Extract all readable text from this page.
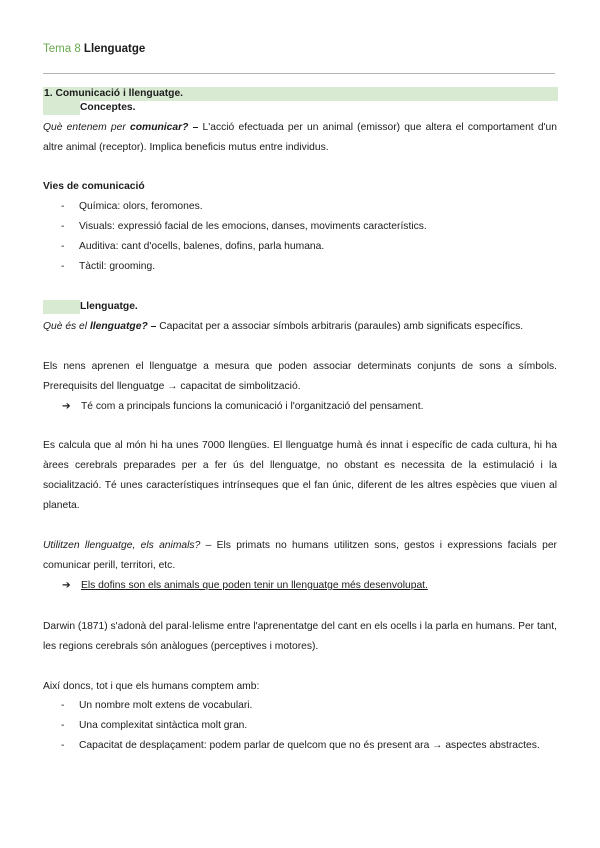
Tema 8 Llenguatge
1. Comunicació i llenguatge.
Conceptes.
Què entenem per comunicar? – L'acció efectuada per un animal (emissor) que altera el comportament d'un altre animal (receptor). Implica beneficis mutus entre individus.
Vies de comunicació
- Química: olors, feromones.
- Visuals: expressió facial de les emocions, danses, moviments característics.
- Auditiva: cant d'ocells, balenes, dofins, parla humana.
- Tàctil: grooming.
Llenguatge.
Què és el llenguatge? – Capacitat per a associar símbols arbitraris (paraules) amb significats específics.
Els nens aprenen el llenguatge a mesura que poden associar determinats conjunts de sons a símbols. Prerequisits del llenguatge → capacitat de simbolització.
➔ Té com a principals funcions la comunicació i l'organització del pensament.
Es calcula que al món hi ha unes 7000 llengües. El llenguatge humà és innat i específic de cada cultura, hi ha àrees cerebrals preparades per a fer ús del llenguatge, no obstant es necessita de la estimulació i la socialització. Té unes característiques intrínseques que el fan únic, diferent de les altres espècies que viuen al planeta.
Utilitzen llenguatge, els animals? – Els primats no humans utilitzen sons, gestos i expressions facials per comunicar perill, territori, etc.
➔ Els dofins son els animals que poden tenir un llenguatge més desenvolupat.
Darwin (1871) s'adonà del paral·lelisme entre l'aprenentatge del cant en els ocells i la parla en humans. Per tant, les regions cerebrals són anàlogues (perceptives i motores).
Així doncs, tot i que els humans comptem amb:
- Un nombre molt extens de vocabulari.
- Una complexitat sintàctica molt gran.
- Capacitat de desplaçament: podem parlar de quelcom que no és present ara → aspectes abstractes.
